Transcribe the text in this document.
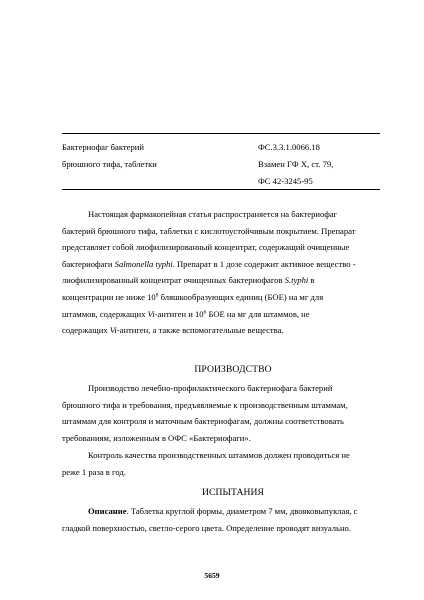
Бактериофаг бактерий
брюшного тифа, таблетки
ФС.3.3.1.0066.18
Взамен ГФ X, ст. 79,
ФС 42-3245-95

Настоящая фармакопейная статья распространяется на бактериофаг

бактерий брюшного тифа, таблетки с кислотоустойчивым покрытием. Препарат

представляет собой лиофилизированный концентрат, содержащий очищенные

бактериофаги Salmonella typhi. Препарат в 1 дозе содержит активное вещество -

лиофилизированный концентрат очищенных бактериофагов S.typhi в

концентрации не ниже $10^8$ бляшкообразующих единиц (БОЕ) на мг для

штаммов, содержащих Vi-антиген и $10^6$ БОЕ на мг для штаммов, не

содержащих Vi-антиген, а также вспомогательные вещества.

ПРОИЗВОДСТВО

Производство лечебно-профилактического бактериофага бактерий

брюшного тифа и требования, предъявляемые к производственным штаммам,

штаммам для контроля и маточным бактериофагам, должны соответствовать

требованиям, изложенным в ОФС «Бактериофаги».

Контроль качества производственных штаммов должен проводиться не

реже 1 раза в год.

ИСПЫТАНИЯ

Описание. Таблетка круглой формы, диаметром 7 мм, двояковыпуклая, с

гладкой поверхностью, светло-серого цвета. Определение проводят визуально.

5659
